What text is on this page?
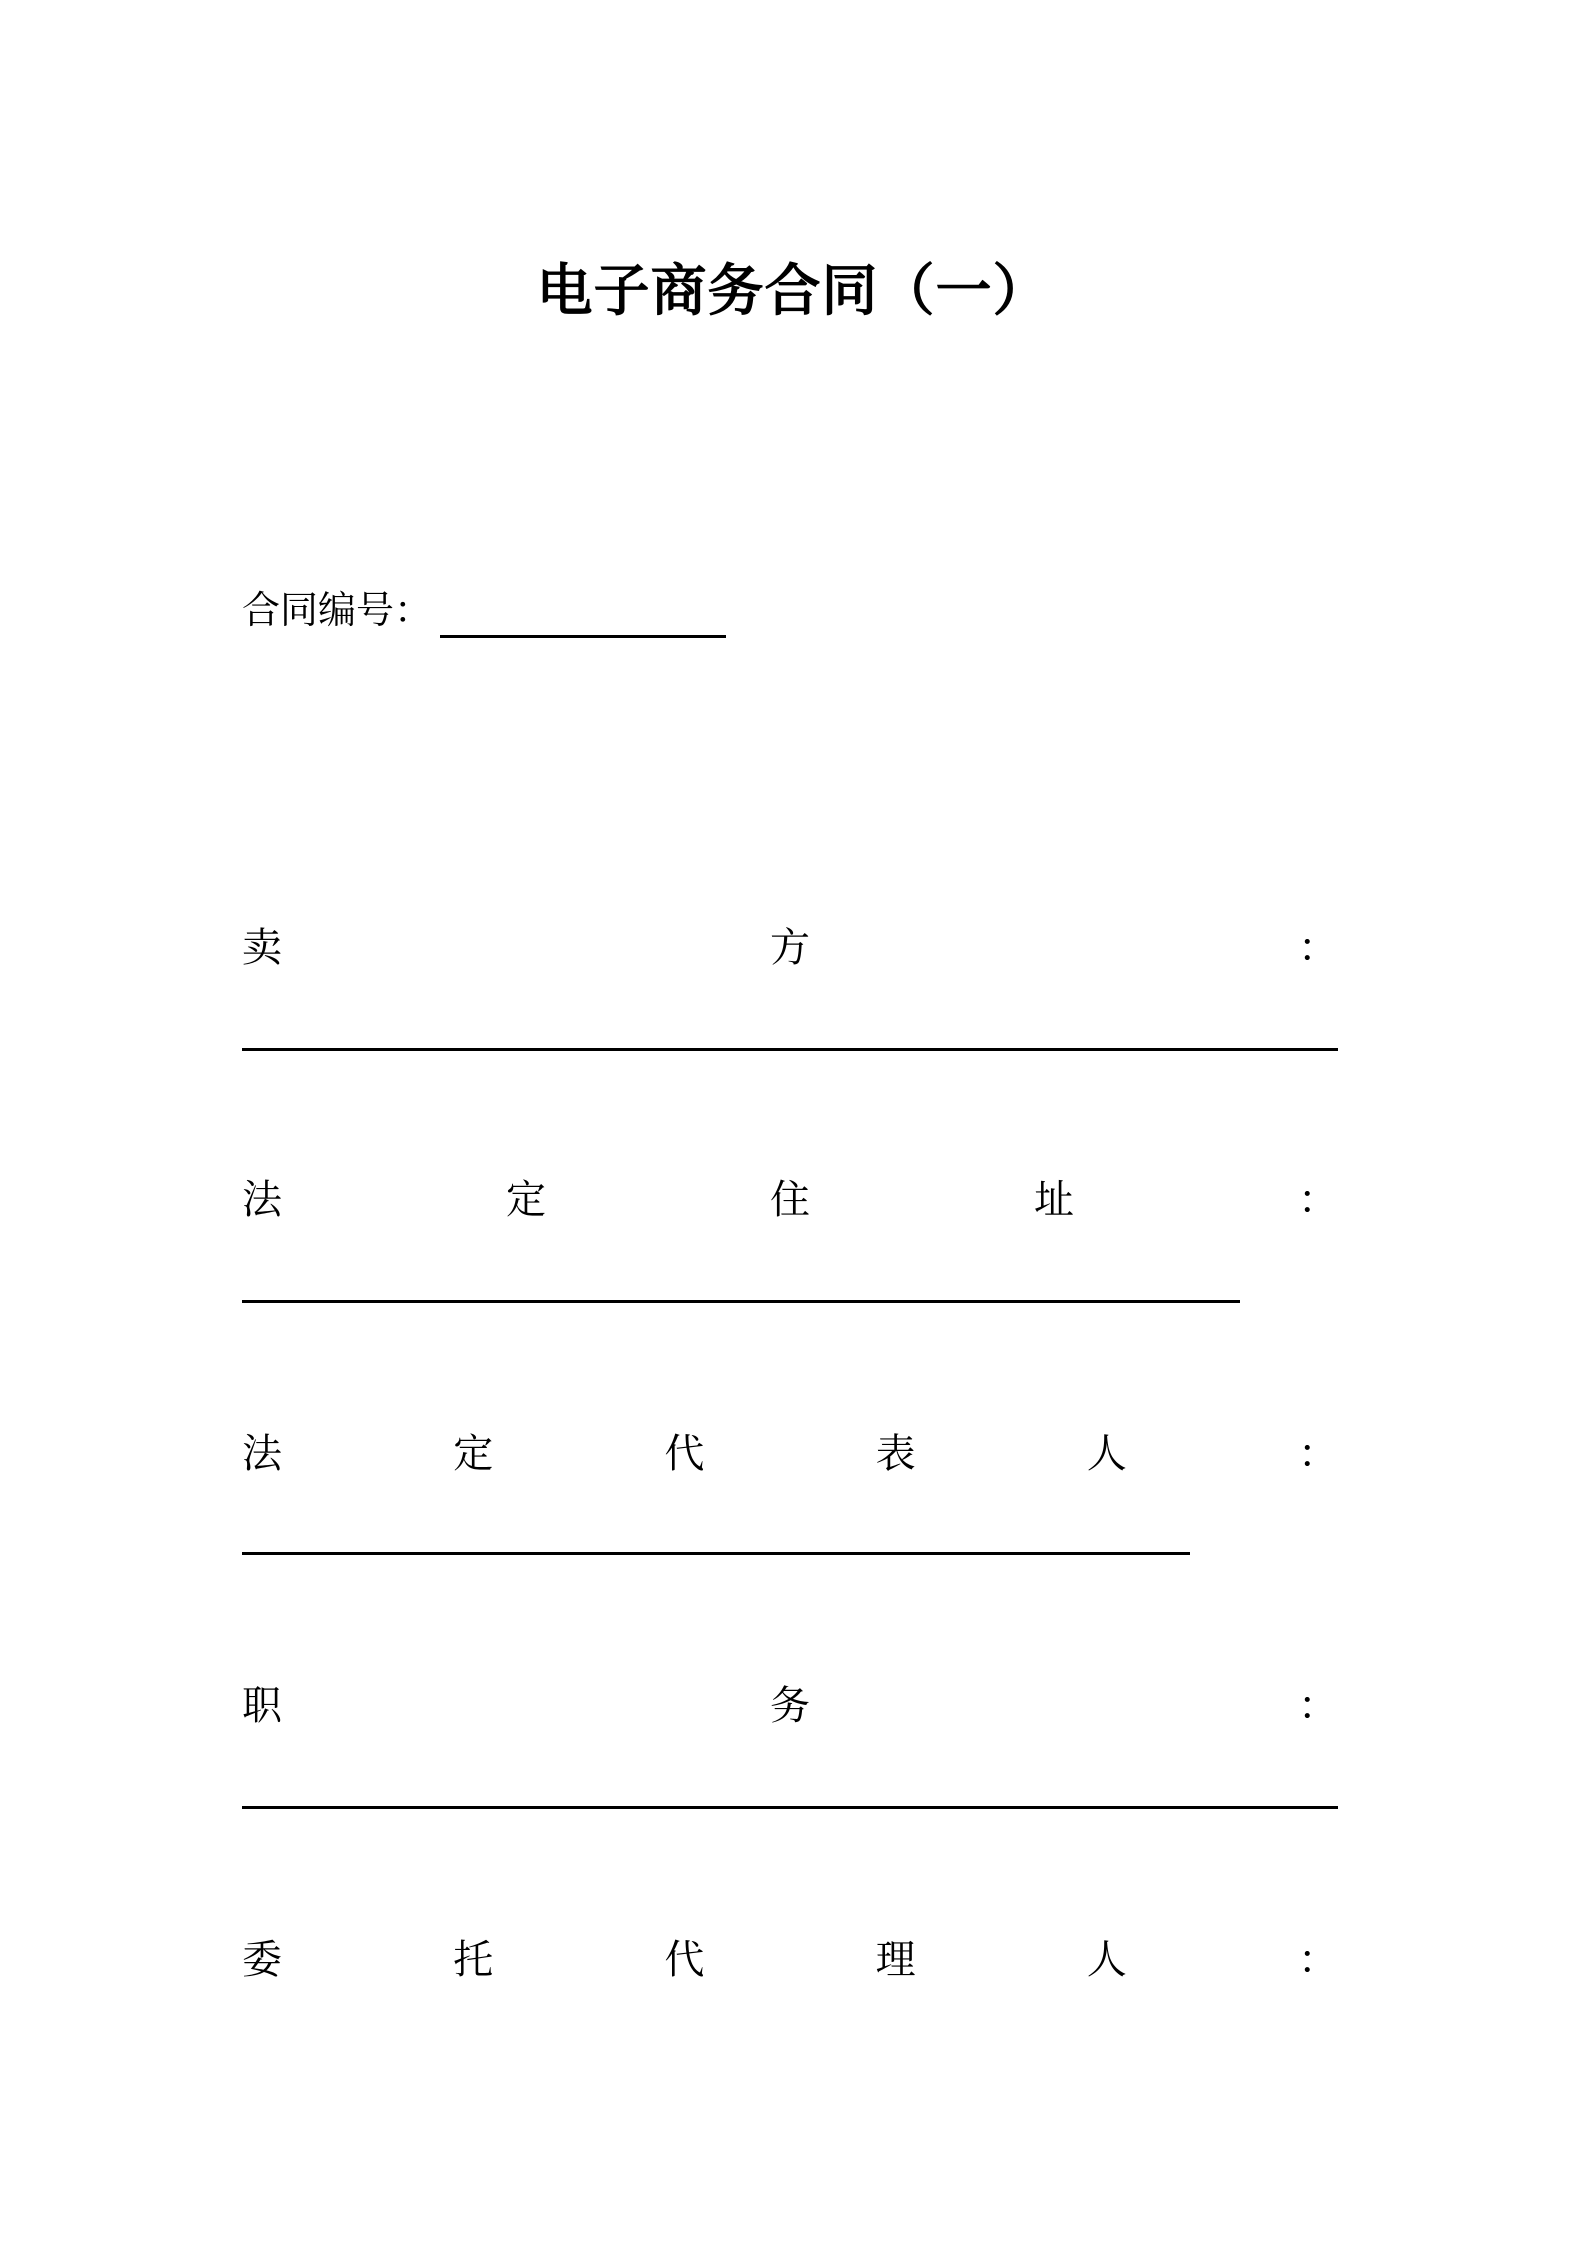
电子商务合同（一）
合同编号：
卖	方	：
法	定	住	址	：
法	定	代	表	人	：
职	务	：
委	托	代	理	人	：
